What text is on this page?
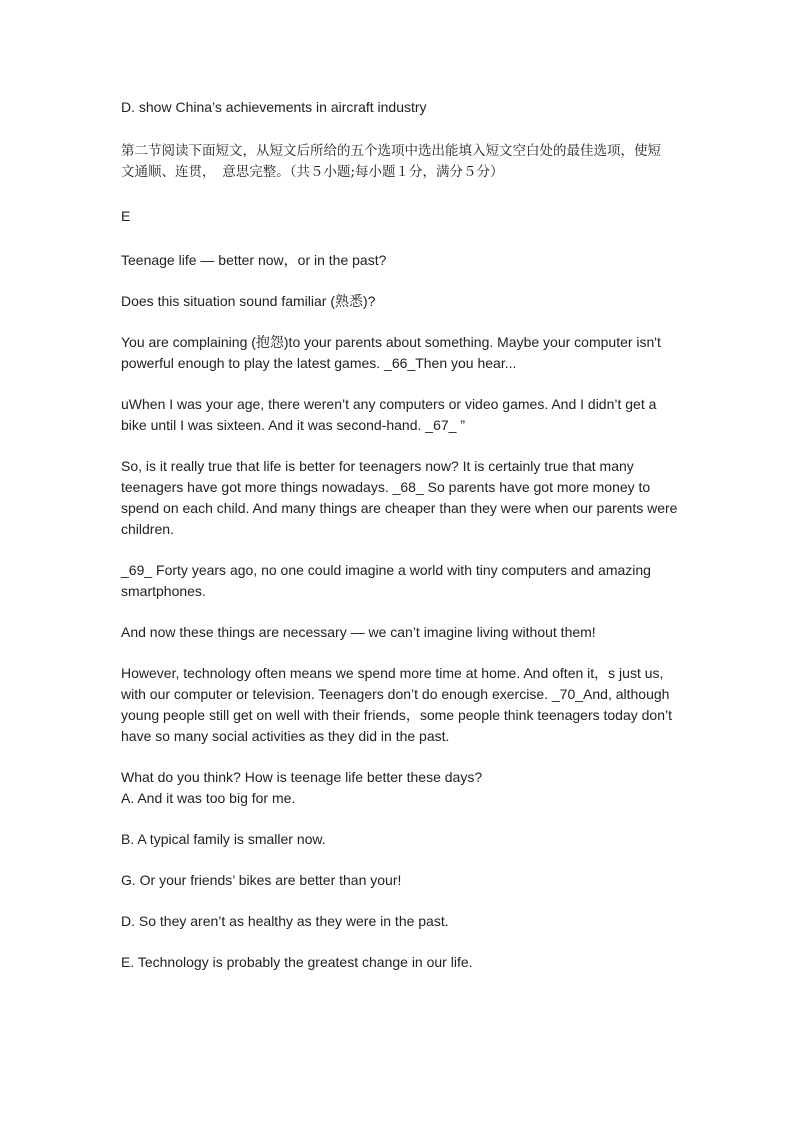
D. show China’s achievements in aircraft industry

第二节阅读下面短文，从短文后所给的五个选项中选出能填入短文空白处的最佳选项，使短

文通顺、连贯，　意思完整。（共５小题;每小题１分，满分５分）

E

Teenage life — better now，or in the past?

Does this situation sound familiar (熟悉)?

You are complaining (抱怨)to your parents about something. Maybe your computer isn't powerful enough to play the latest games. _66_Then you hear...

uWhen I was your age, there weren’t any computers or video games. And I didn’t get a bike until I was sixteen. And it was second-hand. _67_ ”

So, is it really true that life is better for teenagers now? It is certainly true that many teenagers have got more things nowadays. _68_ So parents have got more money to spend on each child. And many things are cheaper than they were when our parents were children.

_69_ Forty years ago, no one could imagine a world with tiny computers and amazing smartphones.

And now these things are necessary — we can’t imagine living without them!

However, technology often means we spend more time at home. And often it，s just us, with our computer or television. Teenagers don’t do enough exercise. _70_And, although young people still get on well with their friends，some people think teenagers today don’t have so many social activities as they did in the past.

What do you think? How is teenage life better these days?

A. And it was too big for me.

B. A typical family is smaller now.

G. Or your friends’ bikes are better than your!

D. So they aren’t as healthy as they were in the past.

E. Technology is probably the greatest change in our life.
